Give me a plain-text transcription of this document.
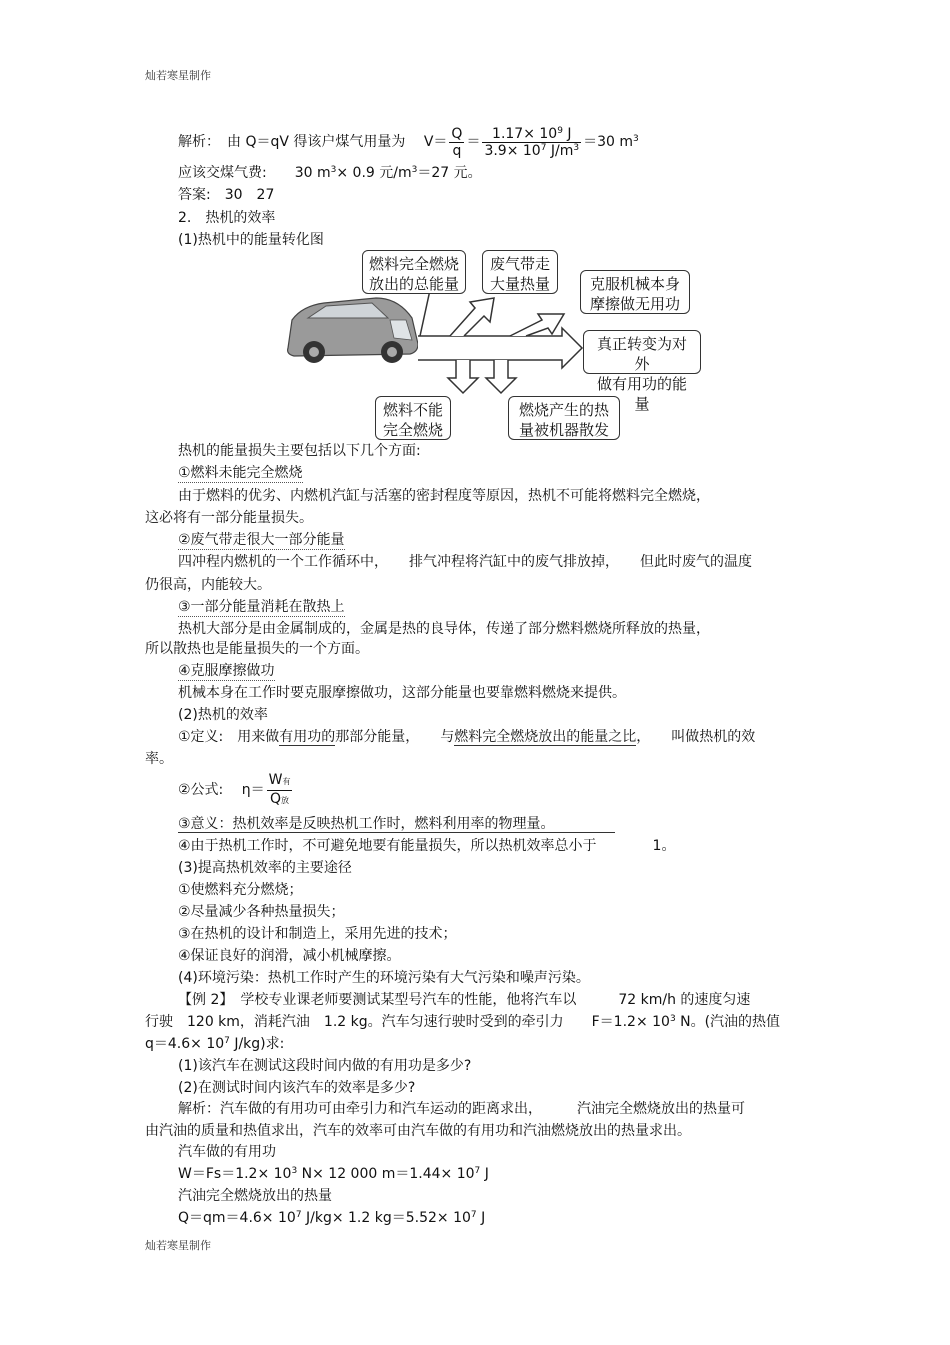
灿若寒星制作
解析：　由 Q＝qV 得该户煤气用量为　 $V= \frac{Q}{q} = \frac{1.17\times 10^9 J}{3.9\times 10^7 J/m^3} =30$ $m^3$
应该交煤气费:　　30 $m^3\times 0.9$ 元$/m^3=27$ 元。
答案:　30　27
2.　热机的效率
(1)热机中的能量转化图
燃料完全燃烧
放出的总能量
废气带走
大量热量	克服机械本身
摩擦做无用功
真正转变为对外
做有用功的能量
燃料不能
完全燃烧
燃烧产生的热
量被机器散发
热机的能量损失主要包括以下几个方面:
①燃料未能完全燃烧
由于燃料的优劣、内燃机汽缸与活塞的密封程度等原因，热机不可能将燃料完全燃烧，
这必将有一部分能量损失。
②废气带走很大一部分能量
四冲程内燃机的一个工作循环中，　　排气冲程将汽缸中的废气排放掉，　　但此时废气的温度
仍很高，内能较大。
③一部分能量消耗在散热上
热机大部分是由金属制成的，金属是热的良导体，传递了部分燃料燃烧所释放的热量，
所以散热也是能量损失的一个方面。
④克服摩擦做功
机械本身在工作时要克服摩擦做功，这部分能量也要靠燃料燃烧来提供。
(2)热机的效率
①定义:　用来做有用功的那部分能量，　　与燃料完全燃烧放出的能量之比，　　叫做热机的效
率。
②公式:　 $\eta= \frac{\text{W有}}{\text{Q放}}$
③意义：热机效率是反映热机工作时，燃料利用率的物理量。
④由于热机工作时，不可避免地要有能量损失，所以热机效率总小于　　　　1。
(3)提高热机效率的主要途径
①使燃料充分燃烧；
②尽量减少各种热量损失；
③在热机的设计和制造上，采用先进的技术；
④保证良好的润滑，减小机械摩擦。
(4)环境污染：热机工作时产生的环境污染有大气污染和噪声污染。
【例 2】　学校专业课老师要测试某型号汽车的性能，他将汽车以　　　72 km/h 的速度匀速
行驶　120 km，消耗汽油　1.2 kg。汽车匀速行驶时受到的牵引力　　$F=1.2\times 10^3$ N。(汽油的热值
$q=4.6\times 10^7$ J/kg)求:
(1)该汽车在测试这段时间内做的有用功是多少?
(2)在测试时间内该汽车的效率是多少?
解析：汽车做的有用功可由牵引力和汽车运动的距离求出，　　　汽油完全燃烧放出的热量可
由汽油的质量和热值求出，汽车的效率可由汽车做的有用功和汽油燃烧放出的热量求出。
汽车做的有用功
$W=Fs=1.2\times 10^3$ N× 12 000 $m=1.44\times 10^7$ J
汽油完全燃烧放出的热量
$Q=qm=4.6\times 10^7$ J/kg× 1.2 $kg=5.52\times 10^7$ J
灿若寒星制作
